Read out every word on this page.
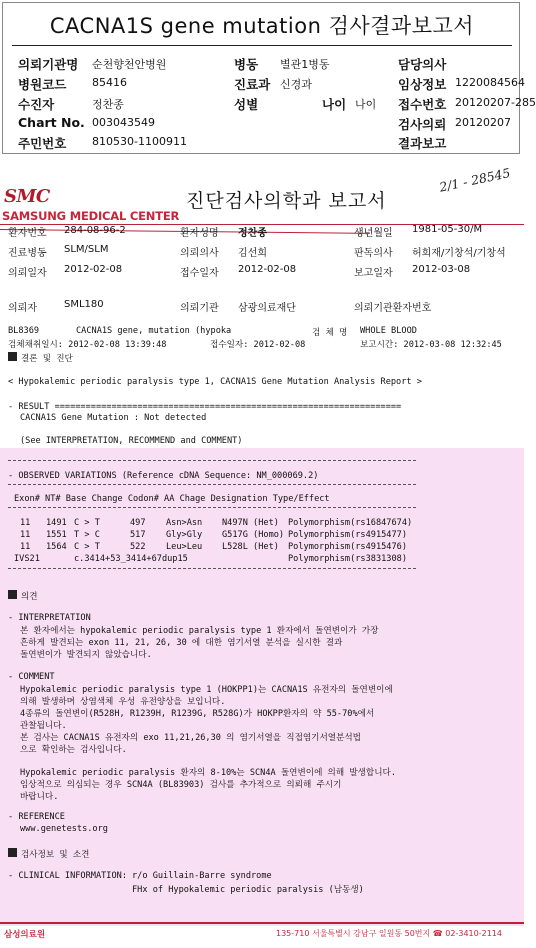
CACNA1S gene mutation 검사결과보고서
의뢰기관명 순천향천안병원	병동 별관1병동	담당의사
병원코드 85416	진료과 신경과	임상정보 1220084564
수진자	정찬종	성별	나이 나이 접수번호 20120207-285
Chart No. 003043549	검사의뢰 20120207
주민번호 810530-1100911	결과보고
SMC
SAMSUNG MEDICAL CENTER
진단검사의학과 보고서
2/1 - 28545
환자번호 284-08-96-2	환자성명 정찬종	생년월일 1981-05-30/M
진료병동 SLM/SLM	의뢰의사 김선희	판독의사 허희재/기창석/기창석
의뢰일자 2012-02-08	접수일자 2012-02-08	보고일자 2012-03-08
의뢰자	SML180	의뢰기관 삼광의료재단	의뢰기관환자번호
BL8369	CACNA1S gene, mutation (hypoka	검 체 명 WHOLE BLOOD
검체채취일시: 2012-02-08 13:39:48	접수일자: 2012-02-08	보고시간: 2012-03-08 12:32:45
결론 및 진단
< Hypokalemic periodic paralysis type 1, CACNA1S Gene Mutation Analysis Report >
- RESULT ===================================================================
CACNA1S Gene Mutation : Not detected
(See INTERPRETATION, RECOMMEND and COMMENT)
- OBSERVED VARIATIONS (Reference cDNA Sequence: NM_000069.2)
Exon# NT# Base Change Codon# AA Chage Designation Type/Effect
11 1491 C > T	497 Asn>Asn N497N (Het) Polymorphism(rs16847674)
11 1551 T > C	517 Gly>Gly G517G (Homo) Polymorphism(rs4915477)
11 1564 C > T	522 Leu>Leu L528L (Het) Polymorphism(rs4915476)
IVS21	c.3414+53_3414+67dup15	Polymorphism(rs3831308)
의견
- INTERPRETATION
본 환자에서는 hypokalemic periodic paralysis type 1 환자에서 돌연변이가 가장
흔하게 발견되는 exon 11, 21, 26, 30 에 대한 염기서열 분석을 실시한 결과
돌연변이가 발견되지 않았습니다.
- COMMENT
Hypokalemic periodic paralysis type 1 (HOKPP1)는 CACNA1S 유전자의 돌연변이에
의해 발생하며 상염색체 우성 유전양상을 보입니다.
4종류의 돌연변이(R528H, R1239H, R1239G, R528G)가 HOKPP환자의 약 55-70%에서
관찰됩니다.
본 검사는 CACNA1S 유전자의 exo 11,21,26,30 의 염기서열을 직접염기서열분석법
으로 확인하는 검사입니다.
Hypokalemic periodic paralysis 환자의 8-10%는 SCN4A 돌연변이에 의해 발생합니다.
임상적으로 의심되는 경우 SCN4A (BL83903) 검사를 추가적으로 의뢰해 주시기
바랍니다.
- REFERENCE
www.genetests.org
검사정보 및 소견
- CLINICAL INFORMATION: r/o Guillain-Barre syndrome
FHx of Hypokalemic periodic paralysis (남동생)
삼성의료원	135-710 서울특별시 강남구 일원동 50번지 ☎ 02-3410-2114
